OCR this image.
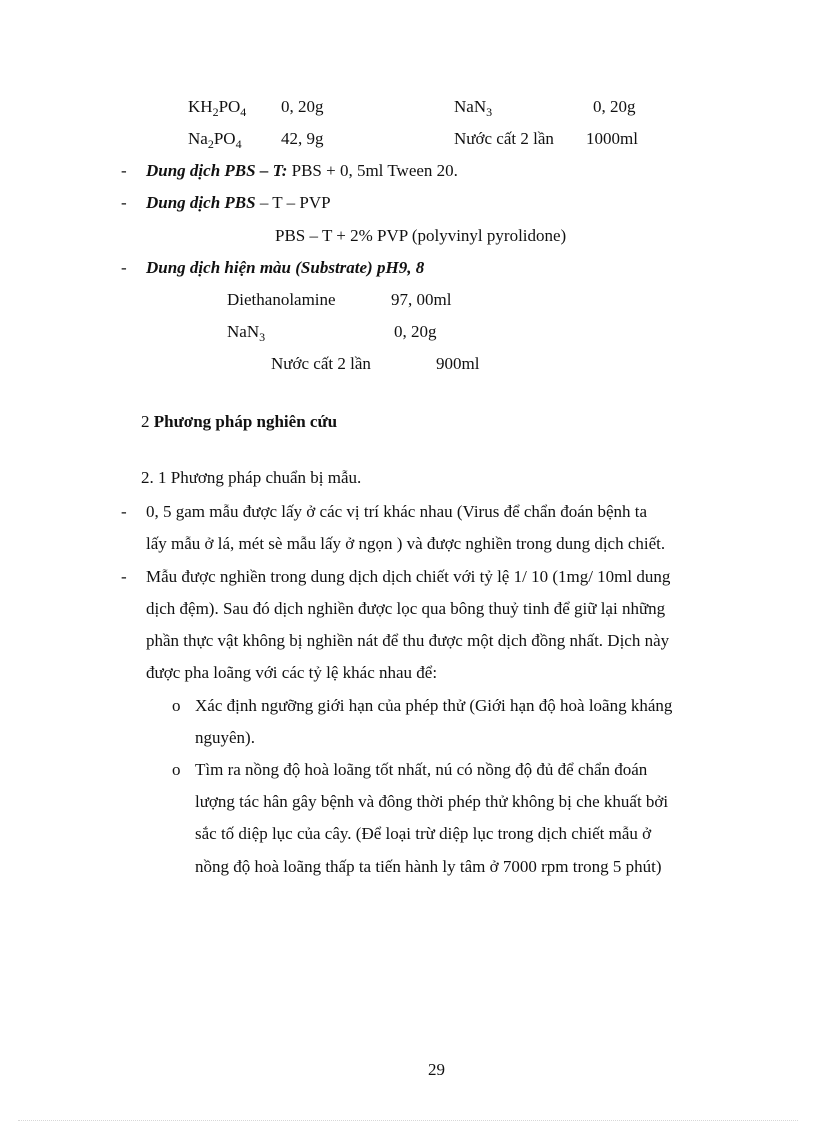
$KH_2PO_4$ 0, 20g	NaN$_3$	0, 20g
$Na_2PO_4$ 42, 9g	Nước cất 2 lần 1000ml
- Dung dịch PBS – T: PBS + 0, 5ml Tween 20.
- Dung dịch PBS – T – PVP
PBS – T + 2% PVP (polyvinyl pyrolidone)
- Dung dịch hiện màu (Substrate) pH9, 8
Diethanolamine	97, 00ml
NaN$_3$	0, 20g
Nước cất 2 lần	900ml
2 Phương pháp nghiên cứu
2. 1 Phương pháp chuẩn bị mẫu.
- 0, 5 gam mẫu được lấy ở các vị trí khác nhau (Virus để chẩn đoán bệnh ta
lấy mẫu ở lá, mét sè mẫu lấy ở ngọn ) và được nghiền trong dung dịch chiết.
- Mẫu được nghiền trong dung dịch dịch chiết với tỷ lệ 1/ 10 (1mg/ 10ml dung
dịch đệm). Sau đó dịch nghiền được lọc qua bông thuỷ tinh để giữ lại những
phần thực vật không bị nghiền nát để thu được một dịch đồng nhất. Dịch này
được pha loãng với các tỷ lệ khác nhau để:
o Xác định ngưỡng giới hạn của phép thử (Giới hạn độ hoà loãng kháng
nguyên).
o Tìm ra nồng độ hoà loãng tốt nhất, nú có nồng độ đủ để chẩn đoán
lượng tác hân gây bệnh và đông thời phép thử không bị che khuất bởi
sắc tố diệp lục của cây. (Để loại trừ diệp lục trong dịch chiết mẫu ở
nồng độ hoà loãng thấp ta tiến hành ly tâm ở 7000 rpm trong 5 phút)
29
